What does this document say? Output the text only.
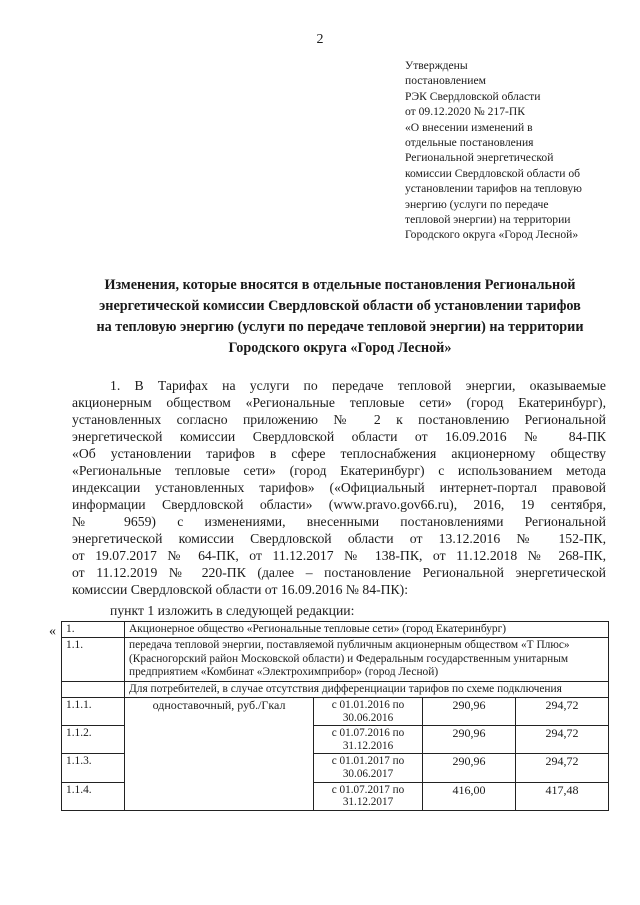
2
Утверждены
постановлением
РЭК Свердловской области
от 09.12.2020 № 217-ПК
«О внесении изменений в
отдельные постановления
Региональной энергетической
комиссии Свердловской области об
установлении тарифов на тепловую
энергию (услуги по передаче
тепловой энергии) на территории
Городского округа «Город Лесной»
Изменения, которые вносятся в отдельные постановления Региональной
энергетической комиссии Свердловской области об установлении тарифов
на тепловую энергию (услуги по передаче тепловой энергии) на территории
Городского округа «Город Лесной»
1. В Тарифах на услуги по передаче тепловой энергии, оказываемые
акционерным обществом «Региональные тепловые сети» (город Екатеринбург),
установленных согласно приложению № 2 к постановлению Региональной
энергетической комиссии Свердловской области от 16.09.2016 № 84-ПК
«Об установлении тарифов в сфере теплоснабжения акционерному обществу
«Региональные тепловые сети» (город Екатеринбург) с использованием метода
индексации установленных тарифов» («Официальный интернет-портал правовой
информации Свердловской области» (www.pravo.gov66.ru), 2016, 19 сентября,
№ 9659) с изменениями, внесенными постановлениями Региональной
энергетической комиссии Свердловской области от 13.12.2016 № 152-ПК,
от 19.07.2017 № 64-ПК, от 11.12.2017 № 138-ПК, от 11.12.2018 № 268-ПК,
от 11.12.2019 № 220-ПК (далее – постановление Региональной энергетической
комиссии Свердловской области от 16.09.2016 № 84-ПК):
пункт 1 изложить в следующей редакции:
« 1.	Акционерное общество «Региональные тепловые сети» (город Екатеринбург)			
1.1.	передача тепловой энергии, поставляемой публичным акционерным обществом «Т Плюс» (Красногорский район Московской области) и Федеральным государственным унитарным предприятием «Комбинат «Электрохимприбор» (город Лесной)			
	Для потребителей, в случае отсутствия дифференциации тарифов по схеме подключения			
1.1.1.	одноставочный, руб./Гкал	с 01.01.2016 по 30.06.2016	290,96	294,72
1.1.2.		с 01.07.2016 по 31.12.2016	290,96	294,72
1.1.3.		с 01.01.2017 по 30.06.2017	290,96	294,72
1.1.4.		с 01.07.2017 по 31.12.2017	416,00	417,48
